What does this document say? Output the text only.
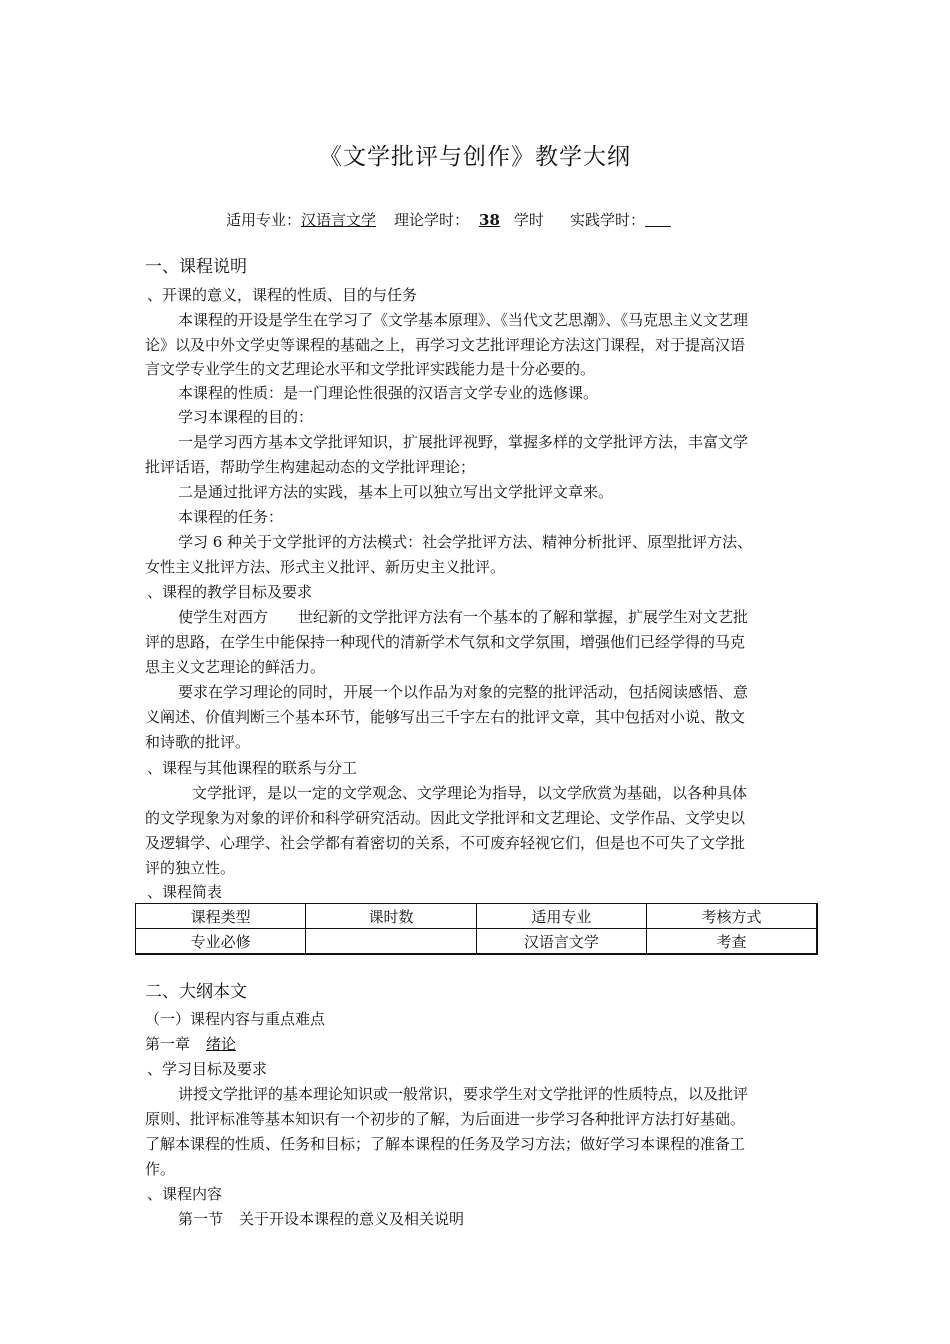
《文学批评与创作》教学大纲
适用专业：汉语言文学 理论学时： 38 学时 实践学时：
一、课程说明
、开课的意义，课程的性质、目的与任务
本课程的开设是学生在学习了《文学基本原理》、《当代文艺思潮》、《马克思主义文艺理
论》以及中外文学史等课程的基础之上，再学习文艺批评理论方法这门课程，对于提高汉语
言文学专业学生的文艺理论水平和文学批评实践能力是十分必要的。
本课程的性质：是一门理论性很强的汉语言文学专业的选修课。
学习本课程的目的：
一是学习西方基本文学批评知识，扩展批评视野，掌握多样的文学批评方法，丰富文学
批评话语，帮助学生构建起动态的文学批评理论；
二是通过批评方法的实践，基本上可以独立写出文学批评文章来。
本课程的任务：
学习 6 种关于文学批评的方法模式：社会学批评方法、精神分析批评、原型批评方法、
女性主义批评方法、形式主义批评、新历史主义批评。
、课程的教学目标及要求
使学生对西方　　世纪新的文学批评方法有一个基本的了解和掌握，扩展学生对文艺批
评的思路，在学生中能保持一种现代的清新学术气氛和文学氛围，增强他们已经学得的马克
思主义文艺理论的鲜活力。
要求在学习理论的同时，开展一个以作品为对象的完整的批评活动，包括阅读感悟、意
义阐述、价值判断三个基本环节，能够写出三千字左右的批评文章，其中包括对小说、散文
和诗歌的批评。
、课程与其他课程的联系与分工
文学批评，是以一定的文学观念、文学理论为指导，以文学欣赏为基础，以各种具体
的文学现象为对象的评价和科学研究活动。因此文学批评和文艺理论、文学作品、文学史以
及逻辑学、心理学、社会学都有着密切的关系，不可废弃轻视它们，但是也不可失了文学批
评的独立性。
、课程简表
课程类型	课时数	适用专业	考核方式
专业必修		汉语言文学	考查
二、大纲本文
（一）课程内容与重点难点
第一章 绪论
、学习目标及要求
讲授文学批评的基本理论知识或一般常识，要求学生对文学批评的性质特点，以及批评
原则、批评标准等基本知识有一个初步的了解，为后面进一步学习各种批评方法打好基础。
了解本课程的性质、任务和目标；了解本课程的任务及学习方法；做好学习本课程的准备工
作。
、课程内容
第一节 关于开设本课程的意义及相关说明
